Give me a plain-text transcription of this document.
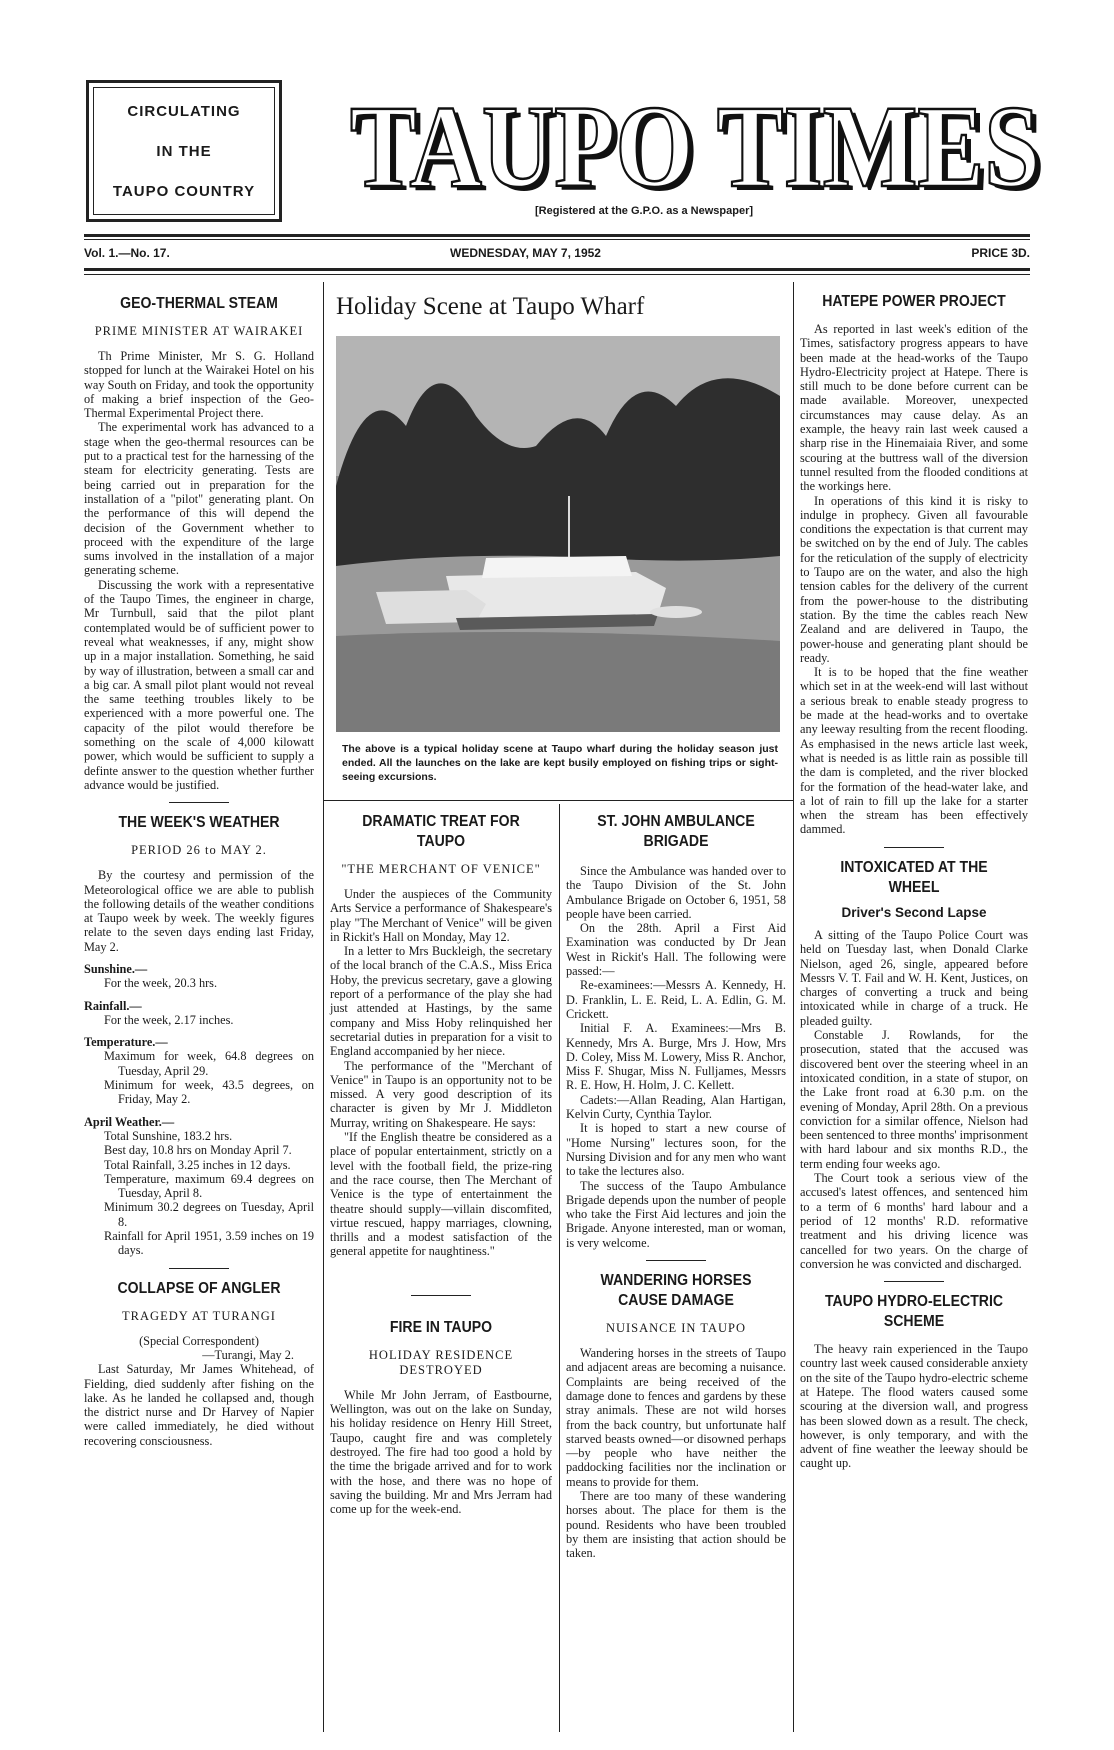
CIRCULATING
IN THE
TAUPO COUNTRY TAUPO TIMES
TAUPO TIMES
[Registered at the G.P.O. as a Newspaper]
Vol. 1.—No. 17.	WEDNESDAY, MAY 7, 1952	PRICE 3D.
GEO-THERMAL STEAM
PRIME MINISTER AT WAIRAKEI

Th Prime Minister, Mr S. G. Holland stopped for lunch at the Wairakei Hotel on his way South on Friday, and took the opportunity of making a brief inspection of the Geo-Thermal Experimental Project there.

The experimental work has advanced to a stage when the geo-thermal resources can be put to a practical test for the harnessing of the steam for electricity generating. Tests are being carried out in preparation for the installation of a "pilot" generating plant. On the performance of this will depend the decision of the Government whether to proceed with the expenditure of the large sums involved in the installation of a major generating scheme.

Discussing the work with a representative of the Taupo Times, the engineer in charge, Mr Turnbull, said that the pilot plant contemplated would be of sufficient power to reveal what weaknesses, if any, might show up in a major installation. Something, he said by way of illustration, between a small car and a big car. A small pilot plant would not reveal the same teething troubles likely to be experienced with a more powerful one. The capacity of the pilot would therefore be something on the scale of 4,000 kilowatt power, which would be sufficient to supply a definte answer to the question whether further advance would be justified.

THE WEEK'S WEATHER
PERIOD 26 to MAY 2.

By the courtesy and permission of the Meteorological office we are able to publish the following details of the weather conditions at Taupo week by week. The weekly figures relate to the seven days ending last Friday, May 2.

Sunshine.—
For the week, 20.3 hrs.
Rainfall.—
For the week, 2.17 inches.
Temperature.—
Maximum for week, 64.8 degrees on Tuesday, April 29.
Minimum for week, 43.5 degrees, on Friday, May 2.
April Weather.—
Total Sunshine, 183.2 hrs.
Best day, 10.8 hrs on Monday April 7.
Total Rainfall, 3.25 inches in 12 days.
Temperature, maximum 69.4 degrees on Tuesday, April 8.
Minimum 30.2 degrees on Tuesday, April 8.
Rainfall for April 1951, 3.59 inches on 19 days.
COLLAPSE OF ANGLER
TRAGEDY AT TURANGI
(Special Correspondent)
—Turangi, May 2.

Last Saturday, Mr James Whitehead, of Fielding, died suddenly after fishing on the lake. As he landed he collapsed and, though the district nurse and Dr Harvey of Napier were called immediately, he died without recovering consciousness.

Holiday Scene at Taupo Wharf
The above is a typical holiday scene at Taupo wharf during the holiday season just ended. All the launches on the lake are kept busily employed on fishing trips or sight-seeing excursions.
DRAMATIC TREAT FOR TAUPO
"THE MERCHANT OF VENICE"

Under the auspieces of the Community Arts Service a performance of Shakespeare's play "The Merchant of Venice" will be given in Rickit's Hall on Monday, May 12.

In a letter to Mrs Buckleigh, the secretary of the local branch of the C.A.S., Miss Erica Hoby, the previcus secretary, gave a glowing report of a performance of the play she had just attended at Hastings, by the same company and Miss Hoby relinquished her secretarial duties in preparation for a visit to England accompanied by her niece.

The performance of the "Merchant of Venice" in Taupo is an opportunity not to be missed. A very good description of its character is given by Mr J. Middleton Murray, writing on Shakespeare. He says:

"If the English theatre be considered as a place of popular entertainment, strictly on a level with the football field, the prize-ring and the race course, then The Merchant of Venice is the type of entertainment the theatre should supply—villain discomfited, virtue rescued, happy marriages, clowning, thrills and a modest satisfaction of the general appetite for naughtiness."

FIRE IN TAUPO
HOLIDAY RESIDENCE DESTROYED

While Mr John Jerram, of Eastbourne, Wellington, was out on the lake on Sunday, his holiday residence on Henry Hill Street, Taupo, caught fire and was completely destroyed. The fire had too good a hold by the time the brigade arrived and for to work with the hose, and there was no hope of saving the building. Mr and Mrs Jerram had come up for the week-end.

ST. JOHN AMBULANCE BRIGADE

Since the Ambulance was handed over to the Taupo Division of the St. John Ambulance Brigade on October 6, 1951, 58 people have been carried.

On the 28th. April a First Aid Examination was conducted by Dr Jean West in Rickit's Hall. The following were passed:—

Re-examinees:—Messrs A. Kennedy, H. D. Franklin, L. E. Reid, L. A. Edlin, G. M. Crickett.

Initial F. A. Examinees:—Mrs B. Kennedy, Mrs A. Burge, Mrs J. How, Mrs D. Coley, Miss M. Lowery, Miss R. Anchor, Miss F. Shugar, Miss N. Fulljames, Messrs R. E. How, H. Holm, J. C. Kellett.

Cadets:—Allan Reading, Alan Hartigan, Kelvin Curty, Cynthia Taylor.

It is hoped to start a new course of "Home Nursing" lectures soon, for the Nursing Division and for any men who want to take the lectures also.

The success of the Taupo Ambulance Brigade depends upon the number of people who take the First Aid lectures and join the Brigade. Anyone interested, man or woman, is very welcome.

WANDERING HORSES CAUSE DAMAGE
NUISANCE IN TAUPO

Wandering horses in the streets of Taupo and adjacent areas are becoming a nuisance. Complaints are being received of the damage done to fences and gardens by these stray animals. These are not wild horses from the back country, but unfortunate half starved beasts owned—or disowned perhaps—by people who have neither the paddocking facilities nor the inclination or means to provide for them.

There are too many of these wandering horses about. The place for them is the pound. Residents who have been troubled by them are insisting that action should be taken.

HATEPE POWER PROJECT

As reported in last week's edition of the Times, satisfactory progress appears to have been made at the head-works of the Taupo Hydro-Electricity project at Hatepe. There is still much to be done before current can be made available. Moreover, unexpected circumstances may cause delay. As an example, the heavy rain last week caused a sharp rise in the Hinemaiaia River, and some scouring at the buttress wall of the diversion tunnel resulted from the flooded conditions at the workings here.

In operations of this kind it is risky to indulge in prophecy. Given all favourable conditions the expectation is that current may be switched on by the end of July. The cables for the reticulation of the supply of electricity to Taupo are on the water, and also the high tension cables for the delivery of the current from the power-house to the distributing station. By the time the cables reach New Zealand and are delivered in Taupo, the power-house and generating plant should be ready.

It is to be hoped that the fine weather which set in at the week-end will last without a serious break to enable steady progress to be made at the head-works and to overtake any leeway resulting from the recent flooding. As emphasised in the news article last week, what is needed is as little rain as possible till the dam is completed, and the river blocked for the formation of the head-water lake, and a lot of rain to fill up the lake for a starter when the stream has been effectively dammed.

INTOXICATED AT THE WHEEL
Driver's Second Lapse

A sitting of the Taupo Police Court was held on Tuesday last, when Donald Clarke Nielson, aged 26, single, appeared before Messrs V. T. Fail and W. H. Kent, Justices, on charges of converting a truck and being intoxicated while in charge of a truck. He pleaded guilty.

Constable J. Rowlands, for the prosecution, stated that the accused was discovered bent over the steering wheel in an intoxicated condition, in a state of stupor, on the Lake front road at 6.30 p.m. on the evening of Monday, April 28th. On a previous conviction for a similar offence, Nielson had been sentenced to three months' imprisonment with hard labour and six months R.D., the term ending four weeks ago.

The Court took a serious view of the accused's latest offences, and sentenced him to a term of 6 months' hard labour and a period of 12 months' R.D. reformative treatment and his driving licence was cancelled for two years. On the charge of conversion he was convicted and discharged.

TAUPO HYDRO-ELECTRIC SCHEME

The heavy rain experienced in the Taupo country last week caused considerable anxiety on the site of the Taupo hydro-electric scheme at Hatepe. The flood waters caused some scouring at the diversion wall, and progress has been slowed down as a result. The check, however, is only temporary, and with the advent of fine weather the leeway should be caught up.
